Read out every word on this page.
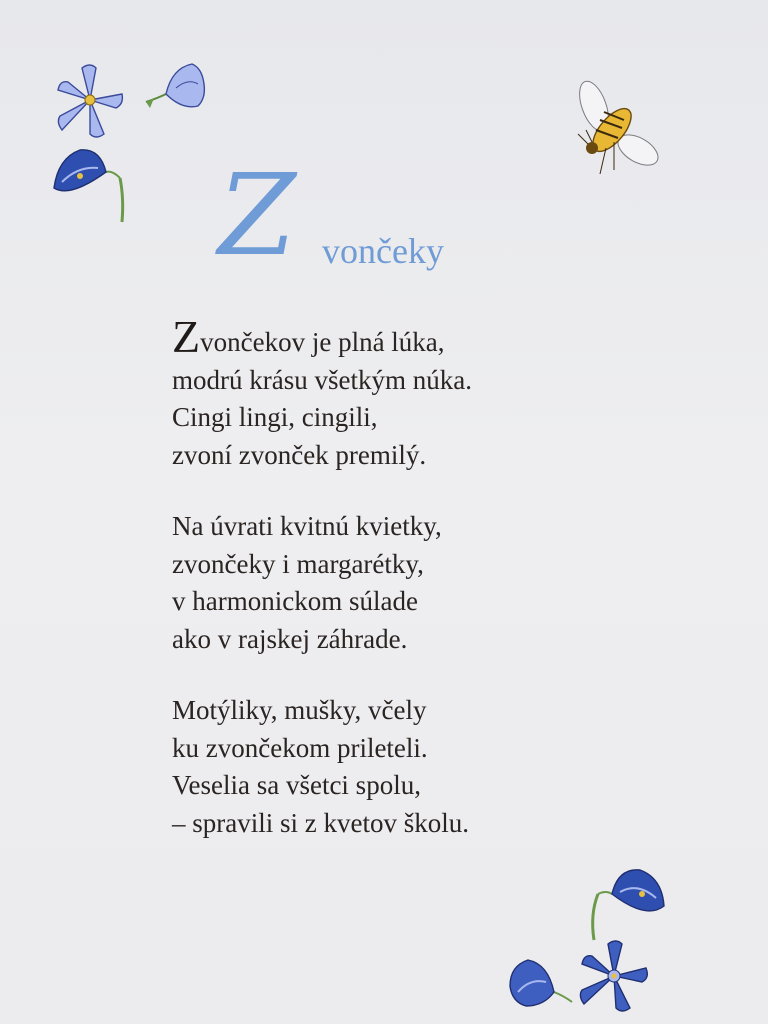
Z vončeky
Zvončekov je plná lúka,
modrú krásu všetkým núka.
Cingi lingi, cingili,
zvoní zvonček premilý.
Na úvrati kvitnú kvietky,
zvončeky i margarétky,
v harmonickom súlade
ako v rajskej záhrade.
Motýliky, mušky, včely
ku zvončekom prileteli.
Veselia sa všetci spolu,
– spravili si z kvetov školu.
